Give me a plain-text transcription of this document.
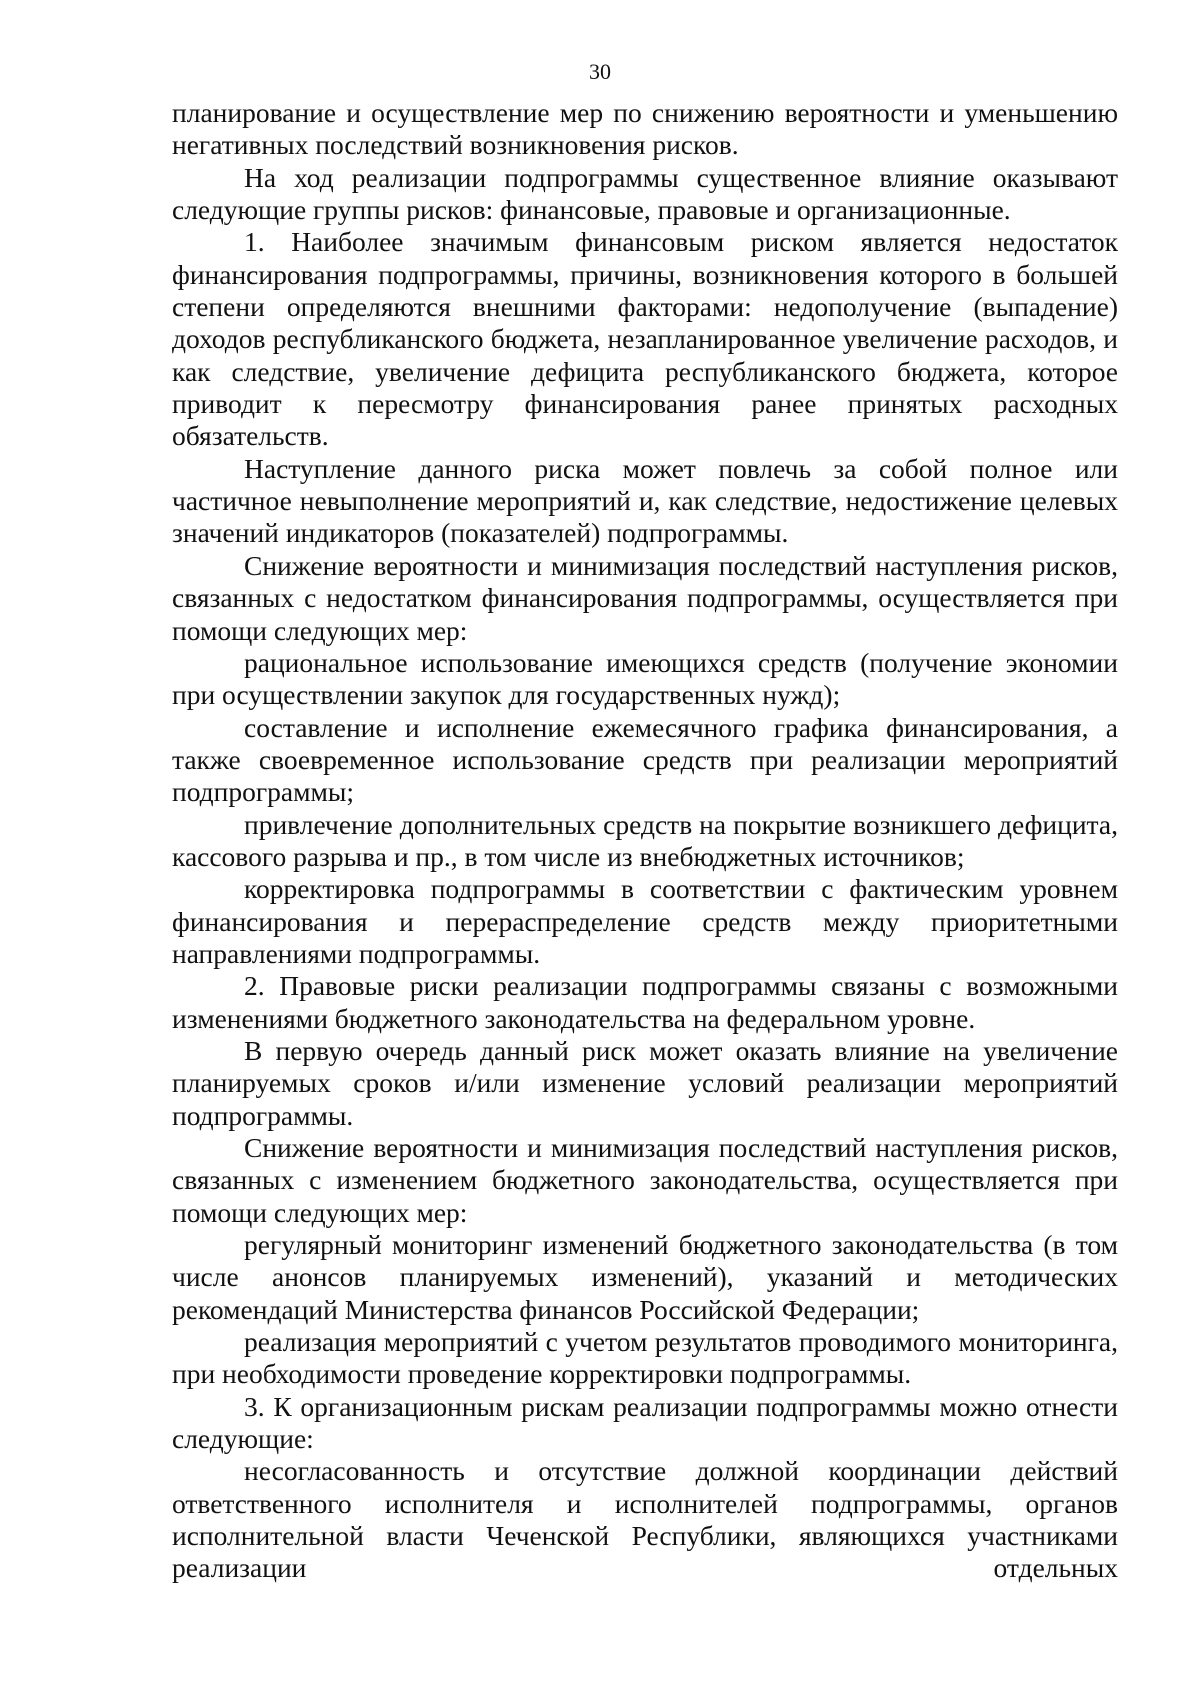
30

планирование и осуществление мер по снижению вероятности и уменьшению негативных последствий возникновения рисков.

На ход реализации подпрограммы существенное влияние оказывают следующие группы рисков: финансовые, правовые и организационные.

1. Наиболее значимым финансовым риском является недостаток финансирования подпрограммы, причины, возникновения которого в большей степени определяются внешними факторами: недополучение (выпадение) доходов республиканского бюджета, незапланированное увеличение расходов, и как следствие, увеличение дефицита республиканского бюджета, которое приводит к пересмотру финансирования ранее принятых расходных обязательств.

Наступление данного риска может повлечь за собой полное или частичное невыполнение мероприятий и, как следствие, недостижение целевых значений индикаторов (показателей) подпрограммы.

Снижение вероятности и минимизация последствий наступления рисков, связанных с недостатком финансирования подпрограммы, осуществляется при помощи следующих мер:

рациональное использование имеющихся средств (получение экономии при осуществлении закупок для государственных нужд);

составление и исполнение ежемесячного графика финансирования, а также своевременное использование средств при реализации мероприятий подпрограммы;

привлечение дополнительных средств на покрытие возникшего дефицита, кассового разрыва и пр., в том числе из внебюджетных источников;

корректировка подпрограммы в соответствии с фактическим уровнем финансирования и перераспределение средств между приоритетными направлениями подпрограммы.

2. Правовые риски реализации подпрограммы связаны с возможными изменениями бюджетного законодательства на федеральном уровне.

В первую очередь данный риск может оказать влияние на увеличение планируемых сроков и/или изменение условий реализации мероприятий подпрограммы.

Снижение вероятности и минимизация последствий наступления рисков, связанных с изменением бюджетного законодательства, осуществляется при помощи следующих мер:

регулярный мониторинг изменений бюджетного законодательства (в том числе анонсов планируемых изменений), указаний и методических рекомендаций Министерства финансов Российской Федерации;

реализация мероприятий с учетом результатов проводимого мониторинга, при необходимости проведение корректировки подпрограммы.

3. К организационным рискам реализации подпрограммы можно отнести следующие:

несогласованность и отсутствие должной координации действий ответственного исполнителя и исполнителей подпрограммы, органов исполнительной власти Чеченской Республики, являющихся участниками реализации отдельных
